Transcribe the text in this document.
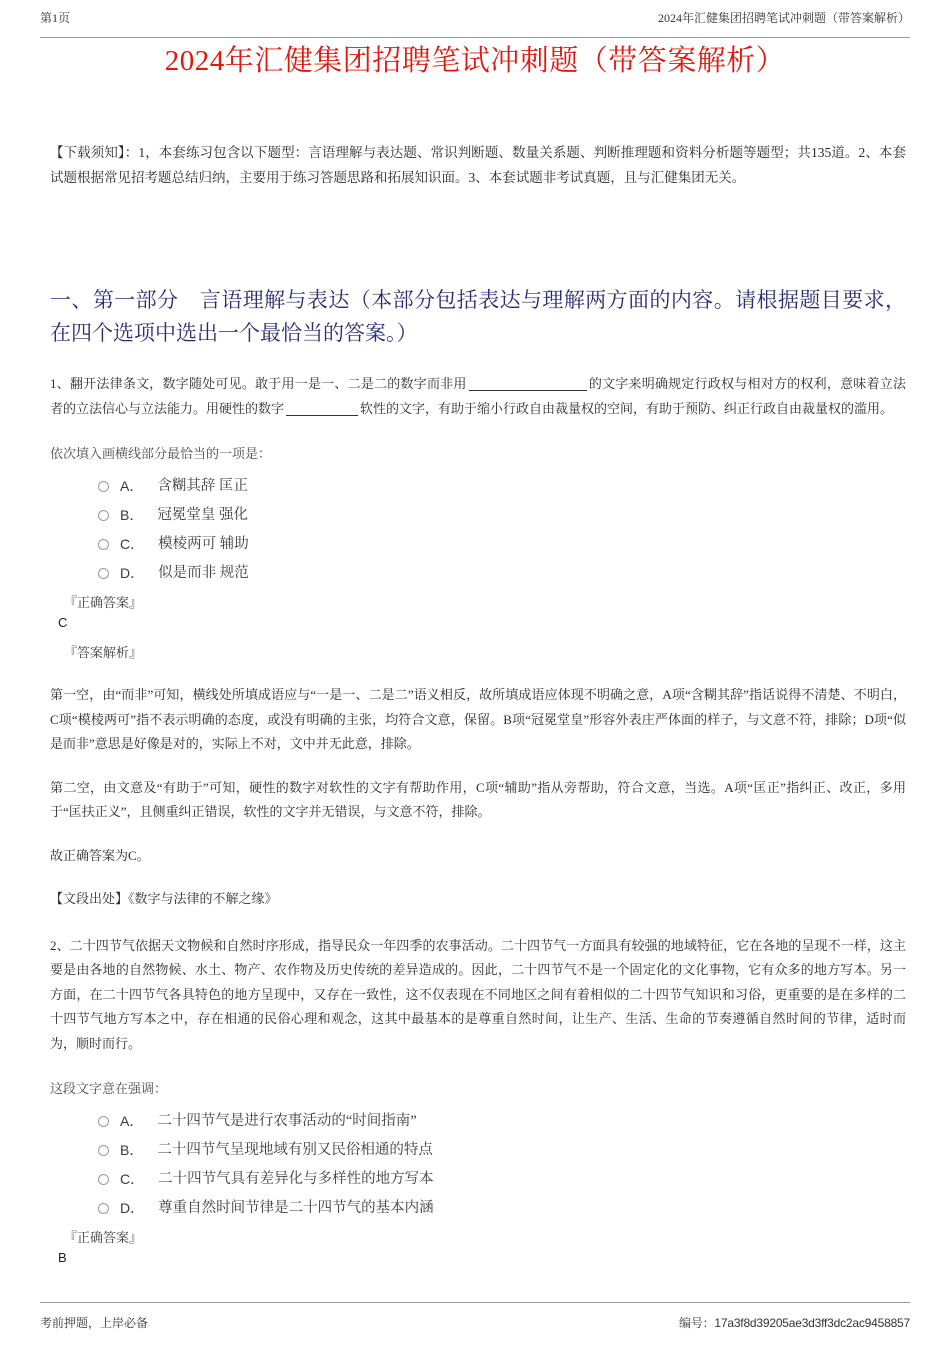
第1页	2024年汇健集团招聘笔试冲刺题（带答案解析）
2024年汇健集团招聘笔试冲刺题（带答案解析）

【下载须知】：1，本套练习包含以下题型：言语理解与表达题、常识判断题、数量关系题、判断推理题和资料分析题等题型；共135道。2、本套试题根据常见招考题总结归纳，主要用于练习答题思路和拓展知识面。3、本套试题非考试真题，且与汇健集团无关。

一、第一部分　言语理解与表达（本部分包括表达与理解两方面的内容。请根据题目要求，在四个选项中选出一个最恰当的答案。）

1、翻开法律条文，数字随处可见。敢于用一是一、二是二的数字而非用	的文字来明确规定行政权与相对方的权利，意味着立法者的立法信心与立法能力。用硬性的数字	软性的文字，有助于缩小行政自由裁量权的空间，有助于预防、纠正行政自由裁量权的滥用。

依次填入画横线部分最恰当的一项是：

A． 含糊其辞 匡正
B． 冠冕堂皇 强化
C． 模棱两可 辅助
D． 似是而非 规范
『正确答案』
C
『答案解析』

第一空，由“而非”可知，横线处所填成语应与“一是一、二是二”语义相反，故所填成语应体现不明确之意，A项“含糊其辞”指话说得不清楚、不明白，C项“模棱两可”指不表示明确的态度，或没有明确的主张，均符合文意，保留。B项“冠冕堂皇”形容外表庄严体面的样子，与文意不符，排除；D项“似是而非”意思是好像是对的，实际上不对，文中并无此意，排除。

第二空，由文意及“有助于”可知，硬性的数字对软性的文字有帮助作用，C项“辅助”指从旁帮助，符合文意，当选。A项“匡正”指纠正、改正，多用于“匡扶正义”，且侧重纠正错误，软性的文字并无错误，与文意不符，排除。

故正确答案为C。

【文段出处】《数字与法律的不解之缘》

2、二十四节气依据天文物候和自然时序形成，指导民众一年四季的农事活动。二十四节气一方面具有较强的地域特征，它在各地的呈现不一样，这主要是由各地的自然物候、水土、物产、农作物及历史传统的差异造成的。因此，二十四节气不是一个固定化的文化事物，它有众多的地方写本。另一方面，在二十四节气各具特色的地方呈现中，又存在一致性，这不仅表现在不同地区之间有着相似的二十四节气知识和习俗，更重要的是在多样的二十四节气地方写本之中，存在相通的民俗心理和观念，这其中最基本的是尊重自然时间，让生产、生活、生命的节奏遵循自然时间的节律，适时而为，顺时而行。

这段文字意在强调：

A． 二十四节气是进行农事活动的“时间指南”
B． 二十四节气呈现地域有别又民俗相通的特点
C． 二十四节气具有差异化与多样性的地方写本
D． 尊重自然时间节律是二十四节气的基本内涵
『正确答案』
B
考前押题，上岸必备	编号：17a3f8d39205ae3d3ff3dc2ac9458857
